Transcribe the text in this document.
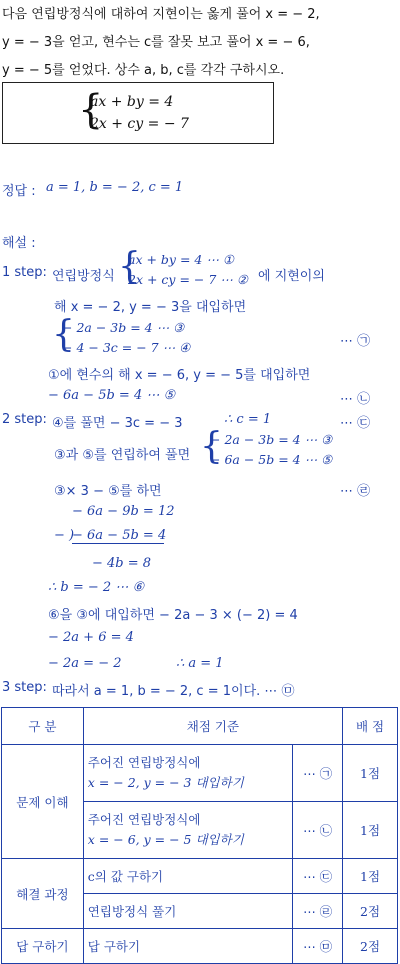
다음 연립방정식에 대하여 지현이는 옳게 풀어 x = − 2,
y = − 3을 얻고, 현수는 c를 잘못 보고 풀어 x = − 6,
y = − 5를 얻었다. 상수 a, b, c를 각각 구하시오.
{
ax + by = 4
2x + cy = − 7
정답 : a = 1, b = − 2, c = 1
해설 :
1 step: 연립방정식 {
ax + by = 4 ⋯ ①
2x + cy = − 7 ⋯ ② 에 지현이의
해 x = − 2, y = − 3을 대입하면
{
− 2a − 3b = 4 ⋯ ③
− 4 − 3c = − 7 ⋯ ④	⋯ ㉠
①에 현수의 해 x = − 6, y = − 5를 대입하면
− 6a − 5b = 4 ⋯ ⑤	⋯ ㉡
2 step: ④를 풀면 − 3c = − 3	∴ c = 1	⋯ ㉢
③과 ⑤를 연립하여 풀면 {
− 2a − 3b = 4 ⋯ ③
− 6a − 5b = 4 ⋯ ⑤
③× 3 − ⑤를 하면	⋯ ㉣
− 6a − 9b = 12
− )
− 6a − 5b = 4
− 4b = 8
∴ b = − 2 ⋯ ⑥
⑥을 ③에 대입하면 − 2a − 3 × (− 2) = 4
− 2a + 6 = 4
− 2a = − 2	∴ a = 1
3 step: 따라서 a = 1, b = − 2, c = 1이다. ⋯ ㉤
구 분	채점 기준		배 점
문제 이해	주어진 연립방정식에
x = − 2, y = − 3 대입하기	⋯ ㉠	1점

	주어진 연립방정식에
x = − 6, y = − 5 대입하기	⋯ ㉡	1점
해결 과정	c의 값 구하기	⋯ ㉢	1점
	연립방정식 풀기	⋯ ㉣	2점
답 구하기	답 구하기	⋯ ㉤	2점
